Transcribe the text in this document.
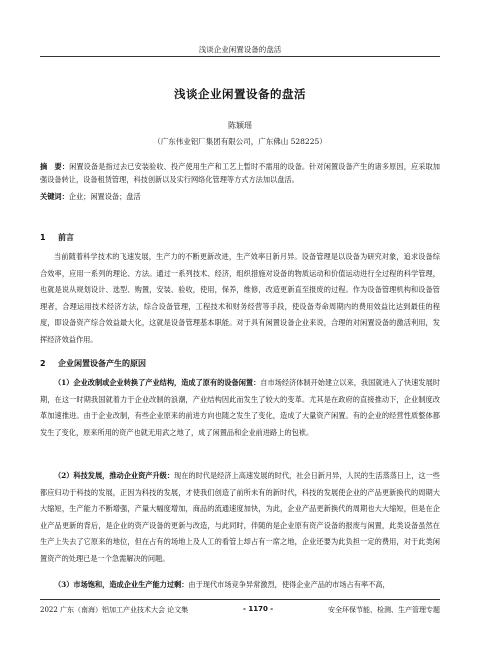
浅谈企业闲置设备的盘活
浅谈企业闲置设备的盘活
陈颖瑶
（广东伟业铝厂集团有限公司，广东佛山 528225）
摘　要：闲置设备是指过去已安装验收、投产使用生产和工艺上暂时不需用的设备。针对闲置设备产生的诸多原因，应采取加强设备转让，设备租赁管理，科技创新以及实行网络化管理等方式方法加以盘活。
关键词：企业；闲置设备；盘活
1 前言

当前随着科学技术的飞速发展，生产力的不断更新改进，生产效率日新月异。设备管理是以设备为研究对象，追求设备综合效率，应用一系列的理论、方法。通过一系列技术、经济，组织措施对设备的物质运动和价值运动进行全过程的科学管理，也就是说从规划设计、选型、购置，安装、验收，使用，保养，维修，改造更新直至报废的过程。作为设备管理机构和设备管理者，合理运用技术经济方法，综合设备管理，工程技术和财务经营等手段，使设备寿命周期内的费用效益比达到最佳的程度，即设备资产综合效益最大化，这就是设备管理基本职能。对于具有闲置设备企业来说，合理的对闲置设备的激活利用，发挥经济效益作用。

2 企业闲置设备产生的原因

（1）企业改制或企业转换了产业结构，造成了原有的设备闲置：自市场经济体制开始建立以来，我国就进入了快速发展时期，在这一时期我国就着力于企业改制的浪潮，产业结构因此而发生了较大的变革。尤其是在政府的直接推动下，企业制度改革加速推进。由于企业改制，有些企业原来的前进方向也随之发生了变化，造成了大量资产闲置。有的企业的经营性质整体都发生了变化，原来所用的资产也就无用武之地了，成了闲置品和企业前进路上的包袱。

（2）科技发展，推动企业资产升级：现在的时代是经济上高速发展的时代，社会日新月异，人民的生活蒸蒸日上，这一些都应归功于科技的发展，正因为科技的发展，才使我们创造了前所未有的新时代，科技的发展使企业的产品更新换代的周期大大缩短，生产能力不断增强，产量大幅度增加，商品的流通速度加快，为此，企业产品更新换代的周期也大大缩短，但是在企业产品更新的背后，是企业的资产设备的更新与改造，与此同时，伴随的是企业原有资产设备的报废与闲置，此类设备虽然在生产上失去了它原来的地位，但在占有的场地上及人工的看管上却占有一席之地，企业还要为此负担一定的费用，对于此类闲置资产的处理已是一个急需解决的问题。

（3）市场饱和，造成企业生产能力过剩：由于现代市场竞争异常激烈，使得企业产品的市场占有率不高，

2022 广东（南海）铝加工产业技术大会 论文集	- 1170 -	安全环保节能、检测、生产管理专题
